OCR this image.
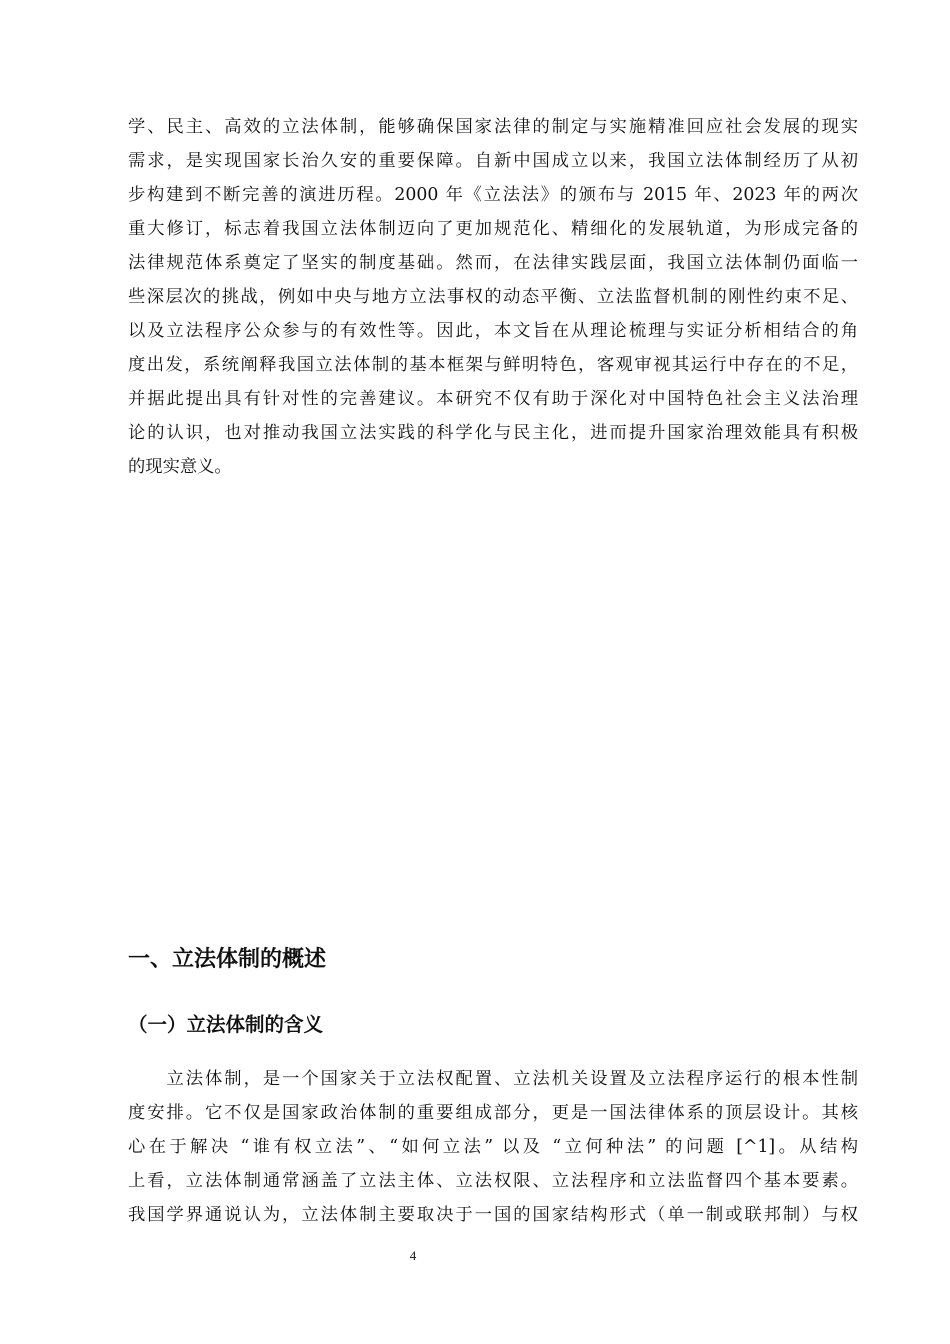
学、民主、高效的立法体制，能够确保国家法律的制定与实施精准回应社会发展的现实
需求，是实现国家长治久安的重要保障。自新中国成立以来，我国立法体制经历了从初
步构建到不断完善的演进历程。2000 年《立法法》的颁布与 2015 年、2023 年的两次
重大修订，标志着我国立法体制迈向了更加规范化、精细化的发展轨道，为形成完备的
法律规范体系奠定了坚实的制度基础。然而，在法律实践层面，我国立法体制仍面临一
些深层次的挑战，例如中央与地方立法事权的动态平衡、立法监督机制的刚性约束不足、
以及立法程序公众参与的有效性等。因此，本文旨在从理论梳理与实证分析相结合的角
度出发，系统阐释我国立法体制的基本框架与鲜明特色，客观审视其运行中存在的不足，
并据此提出具有针对性的完善建议。本研究不仅有助于深化对中国特色社会主义法治理
论的认识，也对推动我国立法实践的科学化与民主化，进而提升国家治理效能具有积极
的现实意义。
一、立法体制的概述
（一）立法体制的含义
　　立法体制，是一个国家关于立法权配置、立法机关设置及立法程序运行的根本性制
度安排。它不仅是国家政治体制的重要组成部分，更是一国法律体系的顶层设计。其核
心在于解决 “谁有权立法”、“如何立法” 以及 “立何种法” 的问题 [^1]。从结构
上看，立法体制通常涵盖了立法主体、立法权限、立法程序和立法监督四个基本要素。
我国学界通说认为，立法体制主要取决于一国的国家结构形式（单一制或联邦制）与权
4
